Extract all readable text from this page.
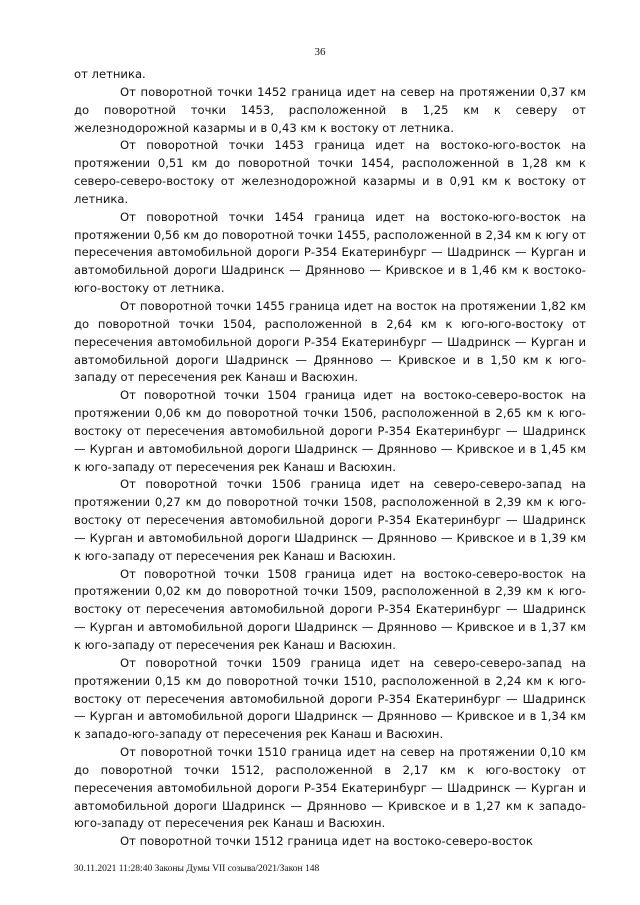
36

от летника.

От поворотной точки 1452 граница идет на север на протяжении 0,37 км до поворотной точки 1453, расположенной в 1,25 км к северу от железнодорожной казармы и в 0,43 км к востоку от летника.

От поворотной точки 1453 граница идет на востоко-юго-восток на протяжении 0,51 км до поворотной точки 1454, расположенной в 1,28 км к северо-северо-востоку от железнодорожной казармы и в 0,91 км к востоку от летника.

От поворотной точки 1454 граница идет на востоко-юго-восток на протяжении 0,56 км до поворотной точки 1455, расположенной в 2,34 км к югу от пересечения автомобильной дороги Р-354 Екатеринбург — Шадринск — Курган и автомобильной дороги Шадринск — Дрянново — Кривское и в 1,46 км к востоко-юго-востоку от летника.

От поворотной точки 1455 граница идет на восток на протяжении 1,82 км до поворотной точки 1504, расположенной в 2,64 км к юго-юго-востоку от пересечения автомобильной дороги Р-354 Екатеринбург — Шадринск — Курган и автомобильной дороги Шадринск — Дрянново — Кривское и в 1,50 км к юго-западу от пересечения рек Канаш и Васюхин.

От поворотной точки 1504 граница идет на востоко-северо-восток на протяжении 0,06 км до поворотной точки 1506, расположенной в 2,65 км к юго-востоку от пересечения автомобильной дороги Р-354 Екатеринбург — Шадринск — Курган и автомобильной дороги Шадринск — Дрянново — Кривское и в 1,45 км к юго-западу от пересечения рек Канаш и Васюхин.

От поворотной точки 1506 граница идет на северо-северо-запад на протяжении 0,27 км до поворотной точки 1508, расположенной в 2,39 км к юго-востоку от пересечения автомобильной дороги Р-354 Екатеринбург — Шадринск — Курган и автомобильной дороги Шадринск — Дрянново — Кривское и в 1,39 км к юго-западу от пересечения рек Канаш и Васюхин.

От поворотной точки 1508 граница идет на востоко-северо-восток на протяжении 0,02 км до поворотной точки 1509, расположенной в 2,39 км к юго-востоку от пересечения автомобильной дороги Р-354 Екатеринбург — Шадринск — Курган и автомобильной дороги Шадринск — Дрянново — Кривское и в 1,37 км к юго-западу от пересечения рек Канаш и Васюхин.

От поворотной точки 1509 граница идет на северо-северо-запад на протяжении 0,15 км до поворотной точки 1510, расположенной в 2,24 км к юго-востоку от пересечения автомобильной дороги Р-354 Екатеринбург — Шадринск — Курган и автомобильной дороги Шадринск — Дрянново — Кривское и в 1,34 км к западо-юго-западу от пересечения рек Канаш и Васюхин.

От поворотной точки 1510 граница идет на север на протяжении 0,10 км до поворотной точки 1512, расположенной в 2,17 км к юго-востоку от пересечения автомобильной дороги Р-354 Екатеринбург — Шадринск — Курган и автомобильной дороги Шадринск — Дрянново — Кривское и в 1,27 км к западо-юго-западу от пересечения рек Канаш и Васюхин.

От поворотной точки 1512 граница идет на востоко-северо-восток

30.11.2021 11:28:40 Законы Думы VII созыва/2021/Закон 148
